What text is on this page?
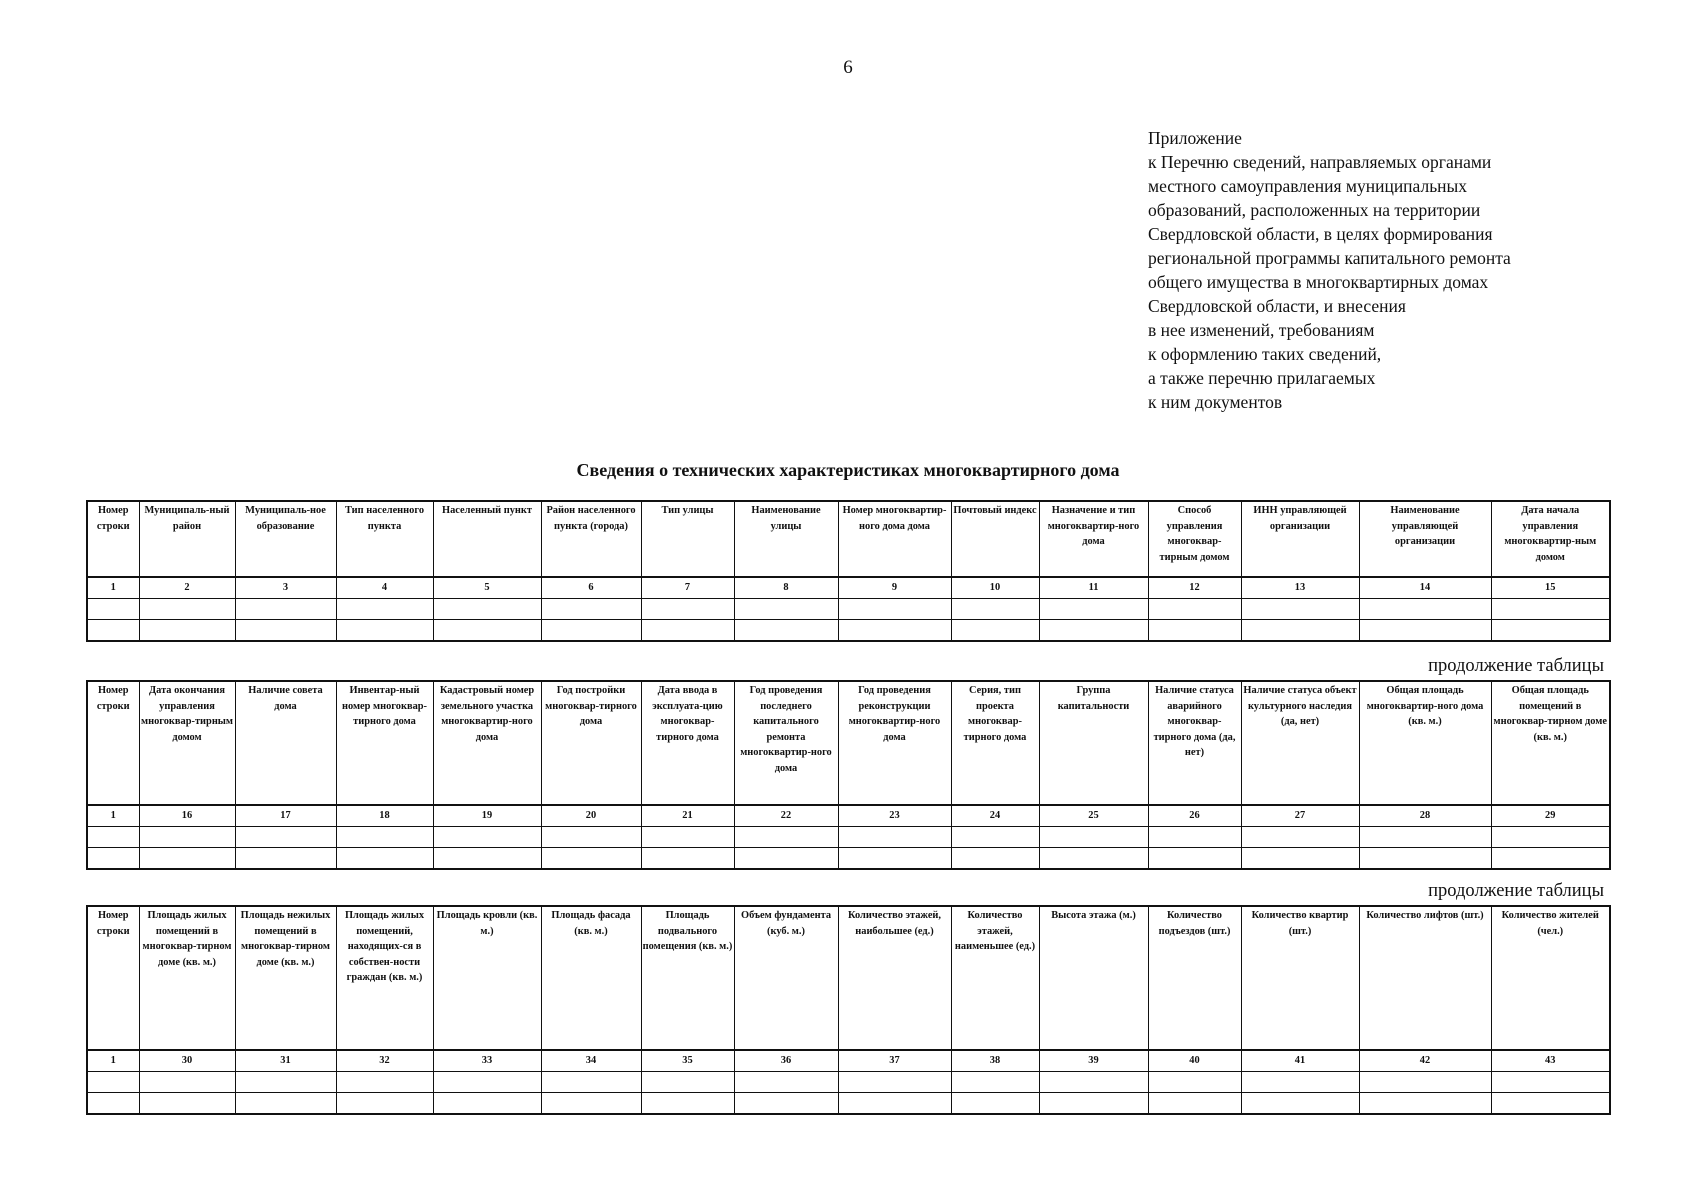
6
Приложение
к Перечню сведений, направляемых органами
местного самоуправления муниципальных
образований, расположенных на территории
Свердловской области, в целях формирования
региональной программы капитального ремонта
общего имущества в многоквартирных домах
Свердловской области, и внесения
в нее изменений, требованиям
к оформлению таких сведений,
а также перечню прилагаемых
к ним документов
Сведения о технических характеристиках многоквартирного дома
Номер строки	Муниципаль-ный район	Муниципаль-ное образование	Тип населенного пункта	Населенный пункт	Район населенного пункта (города)	Тип улицы	Наименование улицы	Номер многоквартир-ного дома дома	Почтовый индекс	Назначение и тип многоквартир-ного дома	Способ управления многоквар-тирным домом	ИНН управляющей организации	Наименование управляющей организации	Дата начала управления многоквартир-ным домом
1	2	3	4	5	6	7	8	9	10	11	12	13	14	15

продолжение таблицы
Номер строки	Дата окончания управления многоквар-тирным домом	Наличие совета дома	Инвентар-ный номер многоквар-тирного дома	Кадастровый номер земельного участка многоквартир-ного дома	Год постройки многоквар-тирного дома	Дата ввода в эксплуата-цию многоквар-тирного дома	Год проведения последнего капитального ремонта многоквартир-ного дома	Год проведения реконструкции многоквартир-ного дома	Серия, тип проекта многоквар-тирного дома	Группа капитальности	Наличие статуса аварийного многоквар-тирного дома (да, нет)	Наличие статуса объект культурного наследия (да, нет)	Общая площадь многоквартир-ного дома (кв. м.)	Общая площадь помещений в многоквар-тирном доме (кв. м.)
1	16	17	18	19	20	21	22	23	24	25	26	27	28	29

продолжение таблицы
Номер строки	Площадь жилых помещений в многоквар-тирном доме (кв. м.)	Площадь нежилых помещений в многоквар-тирном доме (кв. м.)	Площадь жилых помещений, находящих-ся в собствен-ности граждан (кв. м.)	Площадь кровли (кв. м.)	Площадь фасада (кв. м.)	Площадь подвального помещения (кв. м.)	Объем фундамента (куб. м.)	Количество этажей, наибольшее (ед.)	Количество этажей, наименьшее (ед.)	Высота этажа (м.)	Количество подъездов (шт.)	Количество квартир (шт.)	Количество лифтов (шт.)	Количество жителей (чел.)
1	30	31	32	33	34	35	36	37	38	39	40	41	42	43
